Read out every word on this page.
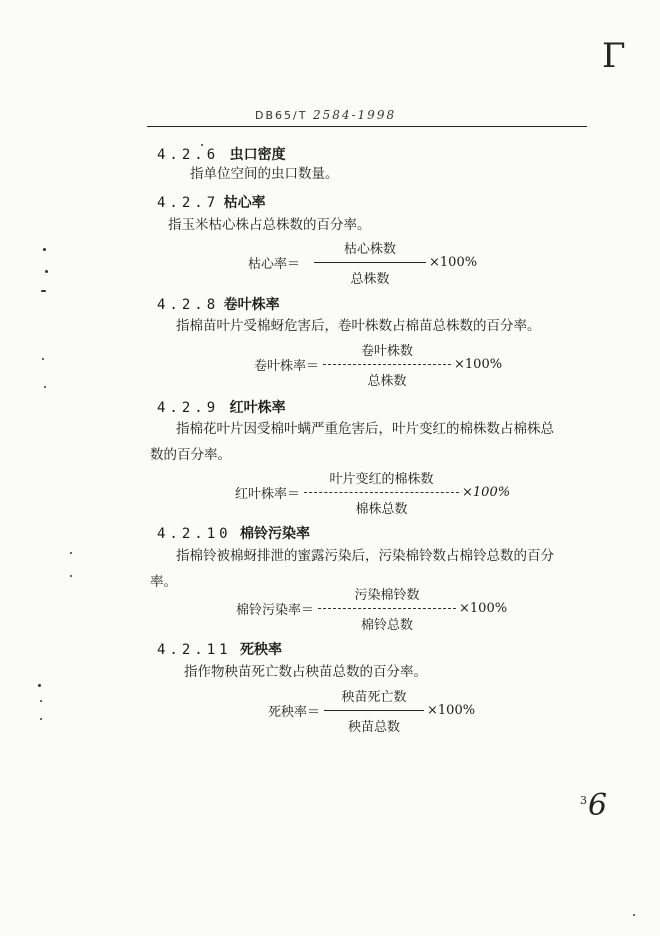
Γ
DB65/T 2584-1998
4.2.6 虫口密度
指单位空间的虫口数量。
4.2.7 枯心率
指玉米枯心株占总株数的百分率。
枯心率＝ $\frac{\text{枯心株数}}{\text{总株数}} \times 100\%$
4.2.8 卷叶株率
指棉苗叶片受棉蚜危害后，卷叶株数占棉苗总株数的百分率。
卷叶株率＝ $\frac{\text{卷叶株数}}{\text{总株数}} \times 100\%$
4.2.9 红叶株率
指棉花叶片因受棉叶螨严重危害后，叶片变红的棉株数占棉株总
数的百分率。
红叶株率＝ $\frac{\text{叶片变红的棉株数}}{\text{棉株总数}} \times 100\%$
4.2.10 棉铃污染率
指棉铃被棉蚜排泄的蜜露污染后，污染棉铃数占棉铃总数的百分
率。
棉铃污染率＝ $\frac{\text{污染棉铃数}}{\text{棉铃总数}} \times 100\%$
4.2.11 死秧率
指作物秧苗死亡数占秧苗总数的百分率。
死秧率＝ $\frac{\text{秧苗死亡数}}{\text{秧苗总数}} \times 100\%$
$^3$6
